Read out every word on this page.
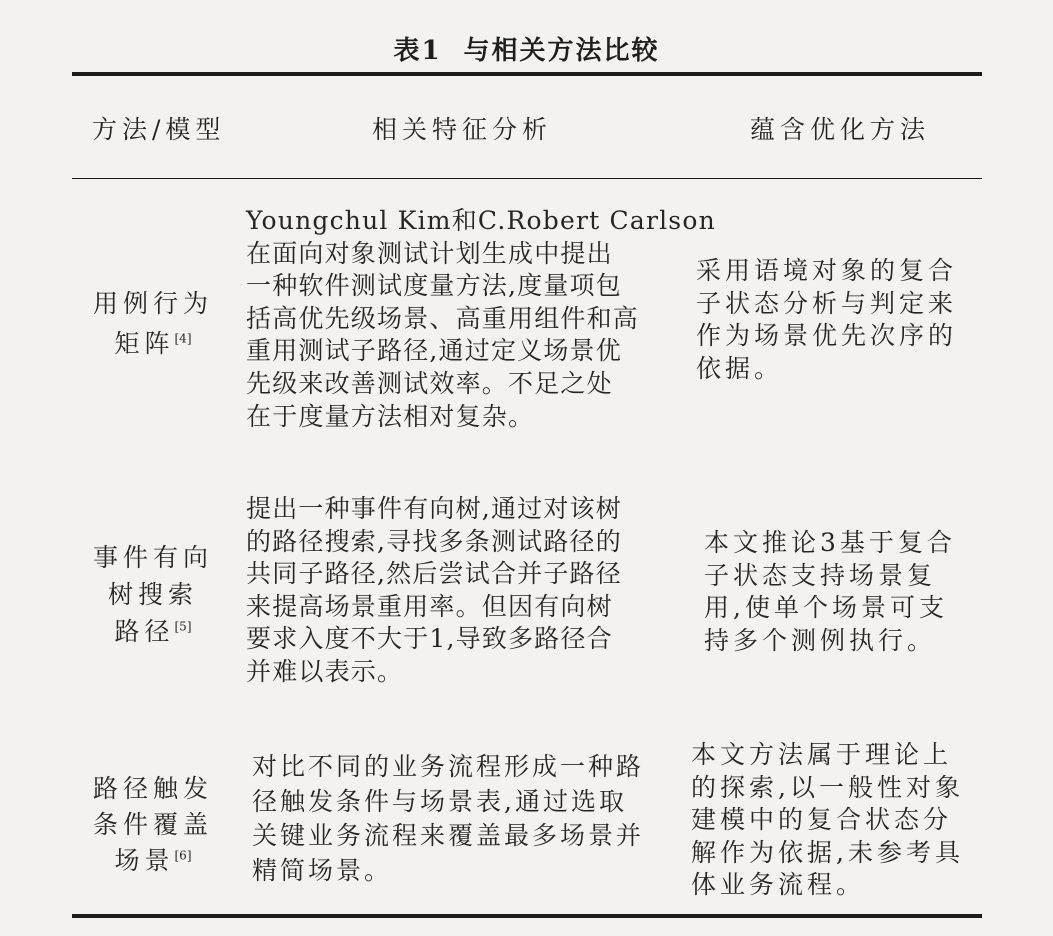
表1 与相关方法比较
方法/模型	相关特征分析	蕴含优化方法
用例行为
矩阵[4]
Youngchul Kim和C.Robert Carlson
在面向对象测试计划生成中提出
一种软件测试度量方法,度量项包
括高优先级场景、高重用组件和高
重用测试子路径,通过定义场景优
先级来改善测试效率。不足之处
在于度量方法相对复杂。
采用语境对象的复合
子状态分析与判定来
作为场景优先次序的
依据。
事件有向
树搜索
路径[5]
提出一种事件有向树,通过对该树
的路径搜索,寻找多条测试路径的
共同子路径,然后尝试合并子路径
来提高场景重用率。但因有向树
要求入度不大于1,导致多路径合
并难以表示。
本文推论3基于复合
子状态支持场景复
用,使单个场景可支
持多个测例执行。
路径触发
条件覆盖
场景[6]
对比不同的业务流程形成一种路
径触发条件与场景表,通过选取
关键业务流程来覆盖最多场景并
精简场景。
本文方法属于理论上
的探索,以一般性对象
建模中的复合状态分
解作为依据,未参考具
体业务流程。
